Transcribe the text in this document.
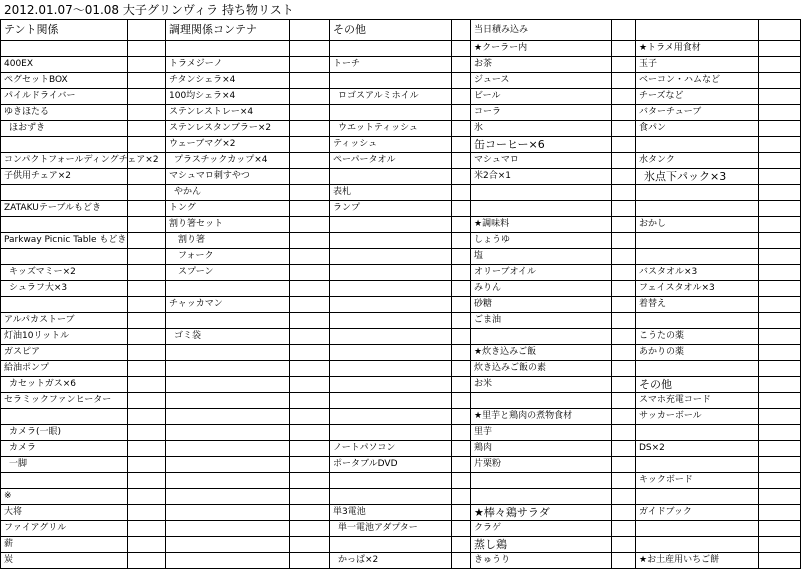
2012.01.07～01.08 大子グリンヴィラ 持ち物リスト
テント関係		調理関係コンテナ		その他		当日積み込み			
						★クーラー内		★トラメ用食材	
400EX		トラメジーノ		トーチ		お茶		玉子	
ペグセットBOX		チタンシェラ×4				ジュース		ベーコン・ハムなど	
パイルドライバー		100均シェラ×4		ロゴスアルミホイル		ビール		チーズなど	
ゆきほたる		ステンレストレー×4				コーラ		バターチューブ	
ほおずき		ステンレスタンブラー×2		ウエットティッシュ		氷		食パン	
		ウェーブマグ×2		ティッシュ		缶コーヒー×6			
コンパクトフォールディングチェア×2		プラスチックカップ×4		ペーパータオル		マシュマロ		水タンク	
子供用チェア×2		マシュマロ刺すやつ				米2合×1		氷点下パック×3	
		やかん		表札					
ZATAKUテーブルもどき		トング		ランプ					
		割り箸セット				★調味料		おかし	
Parkway Picnic Table もどき		割り箸				しょうゆ			
		フォーク				塩			
キッズマミー×2		スプーン				オリーブオイル		バスタオル×3	
シュラフ大×3						みりん		フェイスタオル×3	
		チャッカマン				砂糖		着替え	
アルパカストーブ						ごま油			
灯油10リットル		ゴミ袋						こうたの薬	
ガスピア						★炊き込みご飯		あかりの薬	
給油ポンプ						炊き込みご飯の素			
カセットガス×6						お米		その他	
セラミックファンヒーター								スマホ充電コード	
						★里芋と鶏肉の煮物食材		サッカーボール	
カメラ(一眼)						里芋			
カメラ				ノートパソコン		鶏肉		DS×2	
一脚				ポータブルDVD		片栗粉			
								キックボード	
※									
大将				単3電池		★棒々鶏サラダ		ガイドブック	
ファイアグリル				単一電池アダプター		クラゲ			
薪						蒸し鶏			
炭				かっぱ×2		きゅうり		★お土産用いちご餅	
